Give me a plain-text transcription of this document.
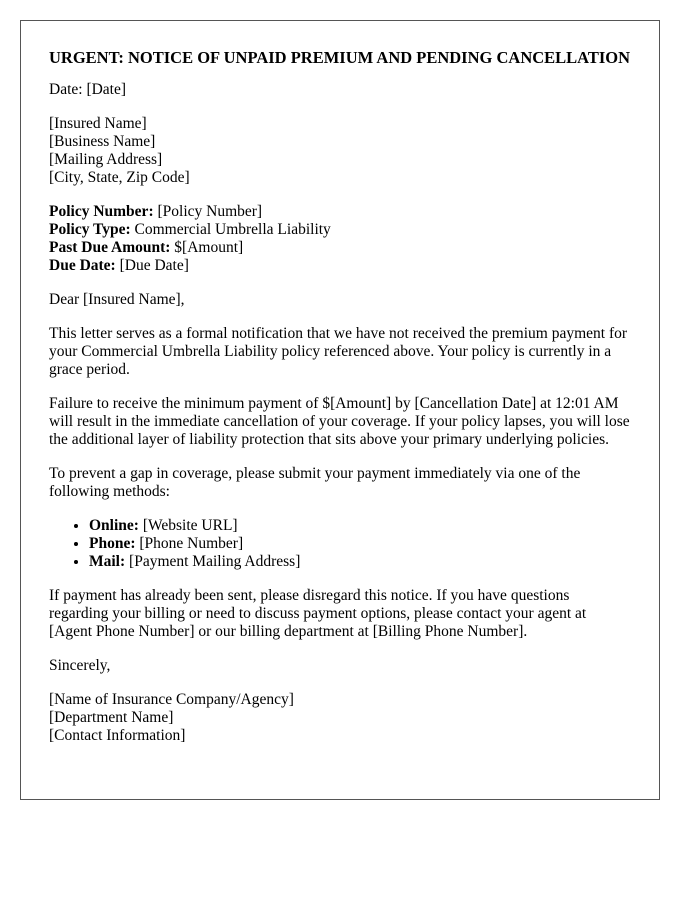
URGENT: NOTICE OF UNPAID PREMIUM AND PENDING CANCELLATION
Date: [Date]
[Insured Name]
[Business Name]
[Mailing Address]
[City, State, Zip Code]
Policy Number: [Policy Number]
Policy Type: Commercial Umbrella Liability
Past Due Amount: $[Amount]
Due Date: [Due Date]
Dear [Insured Name],

This letter serves as a formal notification that we have not received the premium payment for your Commercial Umbrella Liability policy referenced above. Your policy is currently in a grace period.

Failure to receive the minimum payment of $[Amount] by [Cancellation Date] at 12:01 AM will result in the immediate cancellation of your coverage. If your policy lapses, you will lose the additional layer of liability protection that sits above your primary underlying policies.

To prevent a gap in coverage, please submit your payment immediately via one of the following methods:

• Online: [Website URL]
• Phone: [Phone Number]
• Mail: [Payment Mailing Address]

If payment has already been sent, please disregard this notice. If you have questions regarding your billing or need to discuss payment options, please contact your agent at [Agent Phone Number] or our billing department at [Billing Phone Number].

Sincerely,
[Name of Insurance Company/Agency]
[Department Name]
[Contact Information]
